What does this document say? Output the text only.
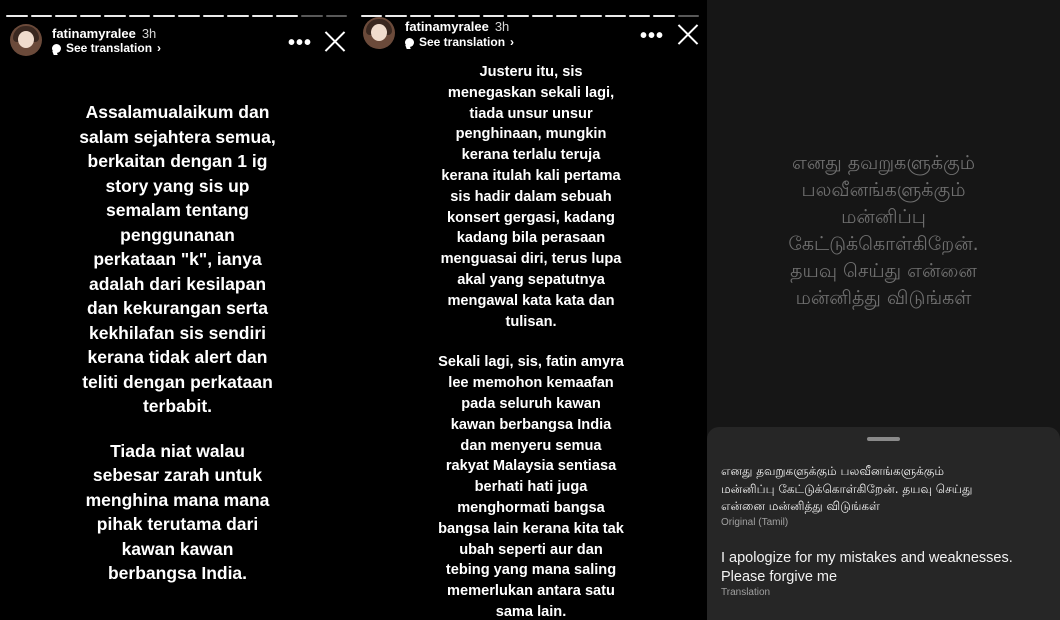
fatinamyralee 3h
See translation ›	•••
Assalamualaikum dan
salam sejahtera semua,
berkaitan dengan 1 ig
story yang sis up
semalam tentang
penggunanan
perkataan "k", ianya
adalah dari kesilapan
dan kekurangan serta
kekhilafan sis sendiri
kerana tidak alert dan
teliti dengan perkataan
terbabit.
Tiada niat walau
sebesar zarah untuk
menghina mana mana
pihak terutama dari
kawan kawan
berbangsa India.
fatinamyralee 3h
See translation ›	•••
Justeru itu, sis
menegaskan sekali lagi,
tiada unsur unsur
penghinaan, mungkin
kerana terlalu teruja
kerana itulah kali pertama
sis hadir dalam sebuah
konsert gergasi, kadang
kadang bila perasaan
menguasai diri, terus lupa
akal yang sepatutnya
mengawal kata kata dan
tulisan.
Sekali lagi, sis, fatin amyra
lee memohon kemaafan
pada seluruh kawan
kawan berbangsa India
dan menyeru semua
rakyat Malaysia sentiasa
berhati hati juga
menghormati bangsa
bangsa lain kerana kita tak
ubah seperti aur dan
tebing yang mana saling
memerlukan antara satu
sama lain.
எனது தவறுகளுக்கும்
பலவீனங்களுக்கும்
மன்னிப்பு
கேட்டுக்கொள்கிறேன்.
தயவு செய்து என்னை
மன்னித்து விடுங்கள்
எனது தவறுகளுக்கும் பலவீனங்களுக்கும்
மன்னிப்பு கேட்டுக்கொள்கிறேன். தயவு செய்து
என்னை மன்னித்து விடுங்கள்
Original (Tamil)
I apologize for my mistakes and weaknesses.
Please forgive me
Translation
